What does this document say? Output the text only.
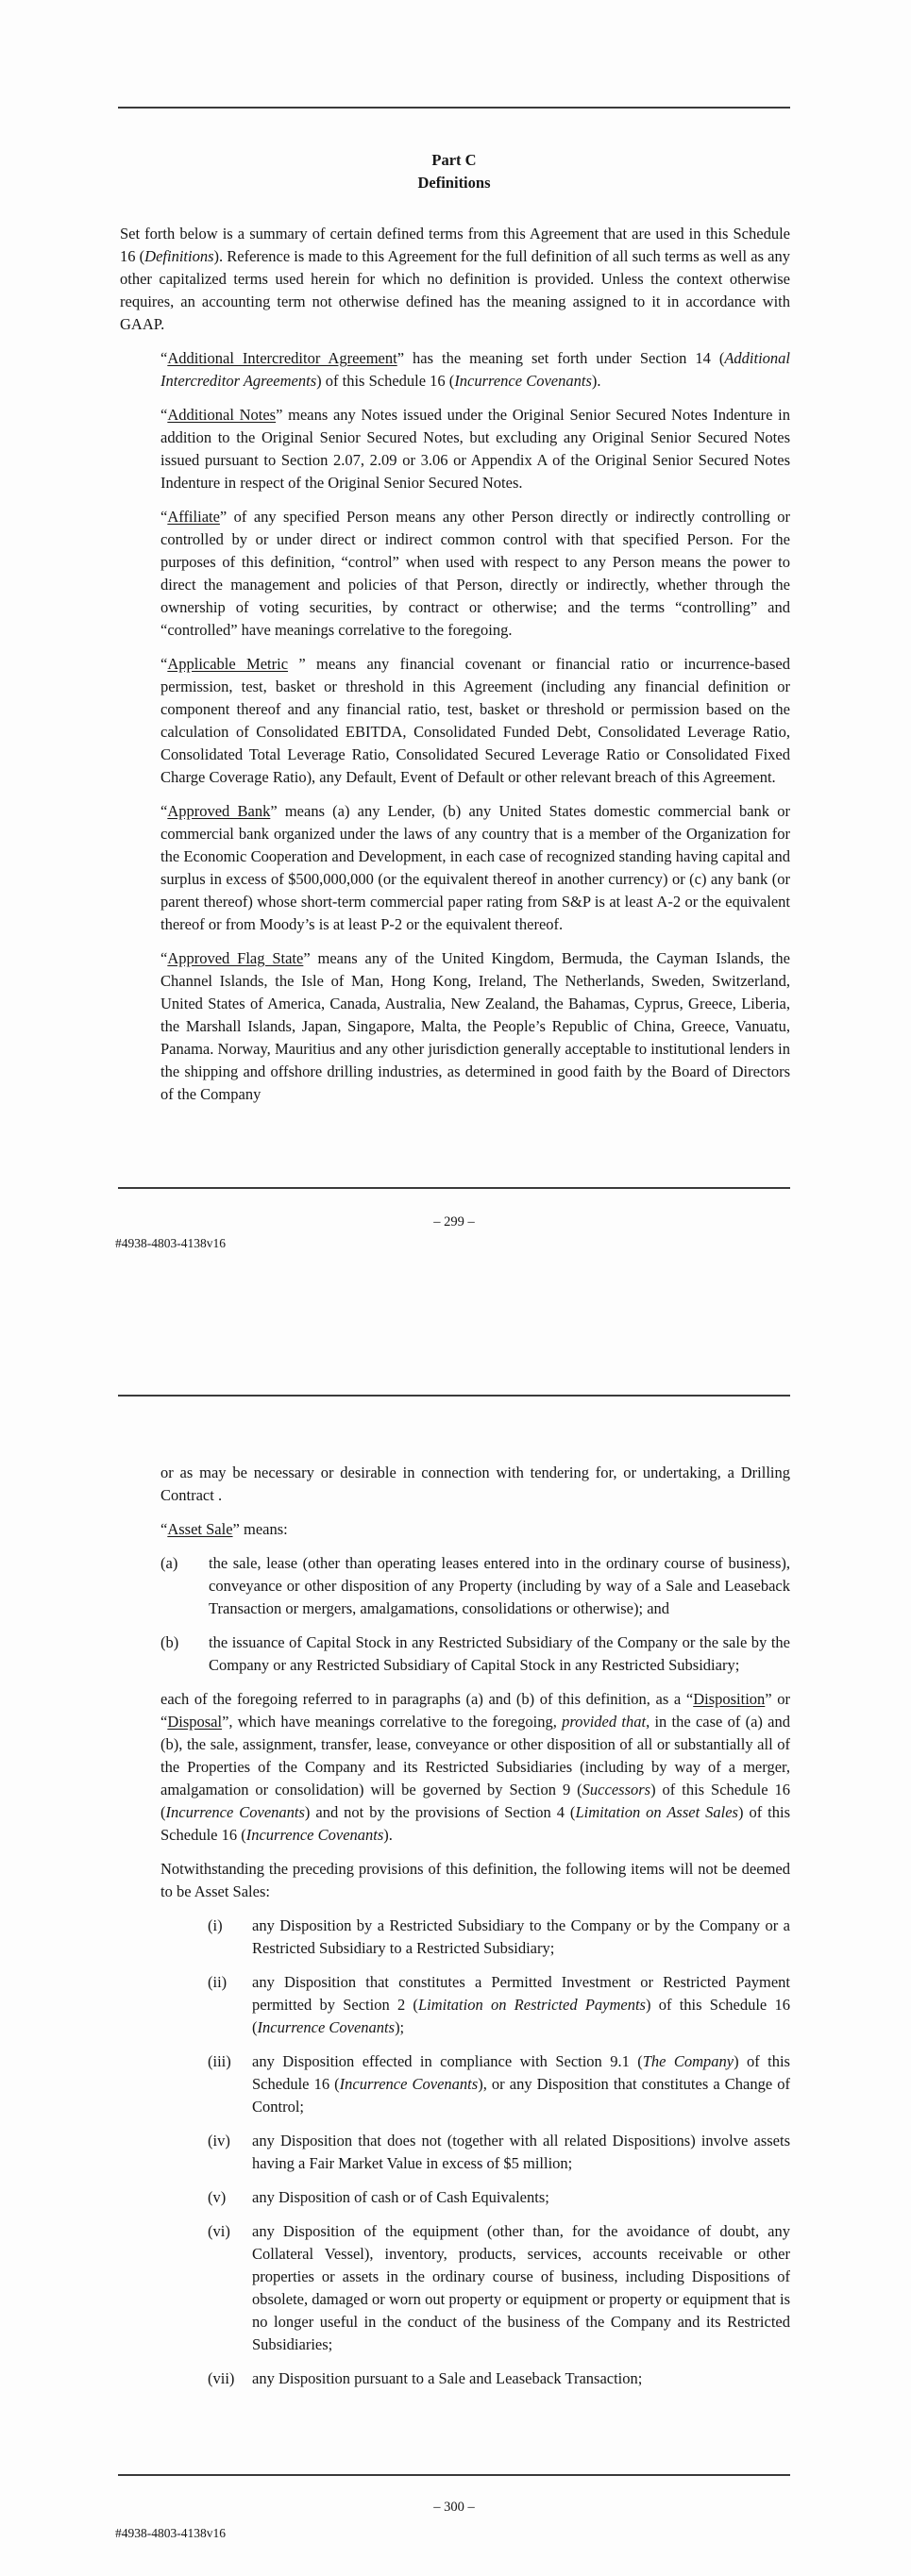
Part C
Definitions
Set forth below is a summary of certain defined terms from this Agreement that are used in this Schedule 16 (Definitions). Reference is made to this Agreement for the full definition of all such terms as well as any other capitalized terms used herein for which no definition is provided. Unless the context otherwise requires, an accounting term not otherwise defined has the meaning assigned to it in accordance with GAAP.
“Additional Intercreditor Agreement” has the meaning set forth under Section 14 (Additional Intercreditor Agreements) of this Schedule 16 (Incurrence Covenants).
“Additional Notes” means any Notes issued under the Original Senior Secured Notes Indenture in addition to the Original Senior Secured Notes, but excluding any Original Senior Secured Notes issued pursuant to Section 2.07, 2.09 or 3.06 or Appendix A of the Original Senior Secured Notes Indenture in respect of the Original Senior Secured Notes.
“Affiliate” of any specified Person means any other Person directly or indirectly controlling or controlled by or under direct or indirect common control with that specified Person. For the purposes of this definition, “control” when used with respect to any Person means the power to direct the management and policies of that Person, directly or indirectly, whether through the ownership of voting securities, by contract or otherwise; and the terms “controlling” and “controlled” have meanings correlative to the foregoing.
“Applicable Metric ” means any financial covenant or financial ratio or incurrence-based permission, test, basket or threshold in this Agreement (including any financial definition or component thereof and any financial ratio, test, basket or threshold or permission based on the calculation of Consolidated EBITDA, Consolidated Funded Debt, Consolidated Leverage Ratio, Consolidated Total Leverage Ratio, Consolidated Secured Leverage Ratio or Consolidated Fixed Charge Coverage Ratio), any Default, Event of Default or other relevant breach of this Agreement.
“Approved Bank” means (a) any Lender, (b) any United States domestic commercial bank or commercial bank organized under the laws of any country that is a member of the Organization for the Economic Cooperation and Development, in each case of recognized standing having capital and surplus in excess of $500,000,000 (or the equivalent thereof in another currency) or (c) any bank (or parent thereof) whose short-term commercial paper rating from S&P is at least A-2 or the equivalent thereof or from Moody’s is at least P-2 or the equivalent thereof.
“Approved Flag State” means any of the United Kingdom, Bermuda, the Cayman Islands, the Channel Islands, the Isle of Man, Hong Kong, Ireland, The Netherlands, Sweden, Switzerland, United States of America, Canada, Australia, New Zealand, the Bahamas, Cyprus, Greece, Liberia, the Marshall Islands, Japan, Singapore, Malta, the People’s Republic of China, Greece, Vanuatu, Panama. Norway, Mauritius and any other jurisdiction generally acceptable to institutional lenders in the shipping and offshore drilling industries, as determined in good faith by the Board of Directors of the Company
– 299 –
#4938-4803-4138v16
or as may be necessary or desirable in connection with tendering for, or undertaking, a Drilling Contract .
“Asset Sale” means:
(a) the sale, lease (other than operating leases entered into in the ordinary course of business), conveyance or other disposition of any Property (including by way of a Sale and Leaseback Transaction or mergers, amalgamations, consolidations or otherwise); and
(b) the issuance of Capital Stock in any Restricted Subsidiary of the Company or the sale by the Company or any Restricted Subsidiary of Capital Stock in any Restricted Subsidiary;
each of the foregoing referred to in paragraphs (a) and (b) of this definition, as a “Disposition” or “Disposal”, which have meanings correlative to the foregoing, provided that, in the case of (a) and (b), the sale, assignment, transfer, lease, conveyance or other disposition of all or substantially all of the Properties of the Company and its Restricted Subsidiaries (including by way of a merger, amalgamation or consolidation) will be governed by Section 9 (Successors) of this Schedule 16 (Incurrence Covenants) and not by the provisions of Section 4 (Limitation on Asset Sales) of this Schedule 16 (Incurrence Covenants).
Notwithstanding the preceding provisions of this definition, the following items will not be deemed to be Asset Sales:
(i) any Disposition by a Restricted Subsidiary to the Company or by the Company or a Restricted Subsidiary to a Restricted Subsidiary;
(ii) any Disposition that constitutes a Permitted Investment or Restricted Payment permitted by Section 2 (Limitation on Restricted Payments) of this Schedule 16 (Incurrence Covenants);
(iii) any Disposition effected in compliance with Section 9.1 (The Company) of this Schedule 16 (Incurrence Covenants), or any Disposition that constitutes a Change of Control;
(iv) any Disposition that does not (together with all related Dispositions) involve assets having a Fair Market Value in excess of $5 million;
(v) any Disposition of cash or of Cash Equivalents;
(vi) any Disposition of the equipment (other than, for the avoidance of doubt, any Collateral Vessel), inventory, products, services, accounts receivable or other properties or assets in the ordinary course of business, including Dispositions of obsolete, damaged or worn out property or equipment or property or equipment that is no longer useful in the conduct of the business of the Company and its Restricted Subsidiaries;
(vii) any Disposition pursuant to a Sale and Leaseback Transaction;
– 300 –
#4938-4803-4138v16
